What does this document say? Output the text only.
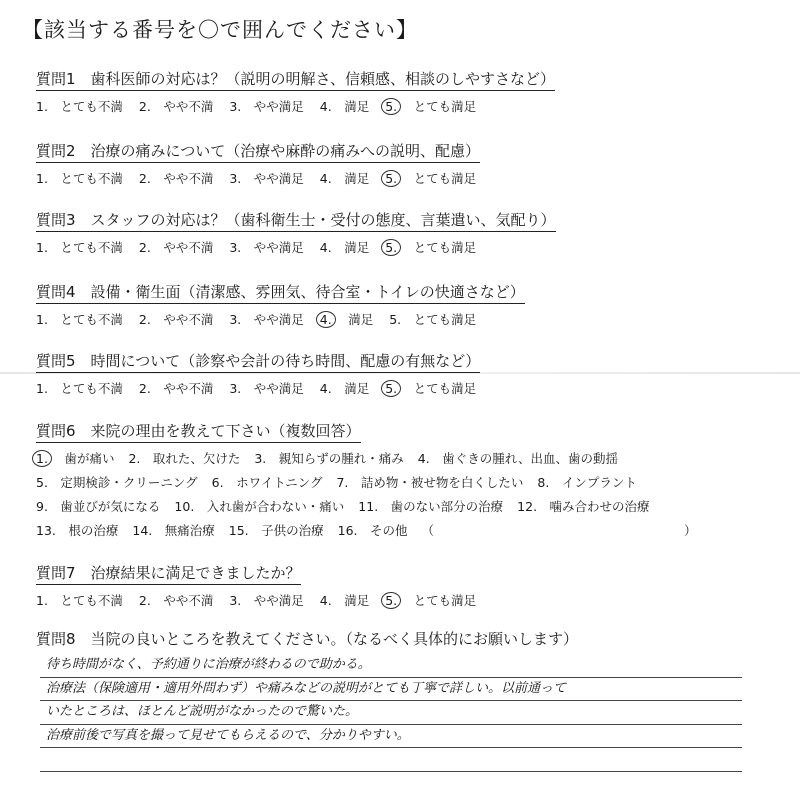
【該当する番号を〇で囲んでください】
質問1　歯科医師の対応は？（説明の明解さ、信頼感、相談のしやすさなど）
1.　とても不満 2.　やや不満 3.　やや満足 4.　満足 5.　とても満足
質問2　治療の痛みについて（治療や麻酔の痛みへの説明、配慮）
1.　とても不満 2.　やや不満 3.　やや満足 4.　満足 5.　とても満足
質問3　スタッフの対応は？（歯科衛生士・受付の態度、言葉遣い、気配り）
1.　とても不満 2.　やや不満 3.　やや満足 4.　満足 5.　とても満足
質問4　設備・衛生面（清潔感、雰囲気、待合室・トイレの快適さなど）
1.　とても不満 2.　やや不満 3.　やや満足 4.　満足 5.　とても満足
質問5　時間について（診察や会計の待ち時間、配慮の有無など）
1.　とても不満 2.　やや不満 3.　やや満足 4.　満足 5.　とても満足
質問6　来院の理由を教えて下さい（複数回答）
1.　歯が痛い 2.　取れた、欠けた 3.　親知らずの腫れ・痛み 4.　歯ぐきの腫れ、出血、歯の動揺
5.　定期検診・クリーニング 6.　ホワイトニング 7.　詰め物・被せ物を白くしたい 8.　インプラント
9.　歯並びが気になる 10.　入れ歯が合わない・痛い 11.　歯のない部分の治療 12.　噛み合わせの治療
13.　根の治療 14.　無痛治療 15.　子供の治療 16.　その他 （	）
質問7　治療結果に満足できましたか？
1.　とても不満 2.　やや不満 3.　やや満足 4.　満足 5.　とても満足
質問8　当院の良いところを教えてください。（なるべく具体的にお願いします）
待ち時間がなく、予約通りに治療が終わるので助かる。
治療法（保険適用・適用外問わず）や痛みなどの説明がとても丁寧で詳しい。以前通って
いたところは、ほとんど説明がなかったので驚いた。
治療前後で写真を撮って見せてもらえるので、分かりやすい。
